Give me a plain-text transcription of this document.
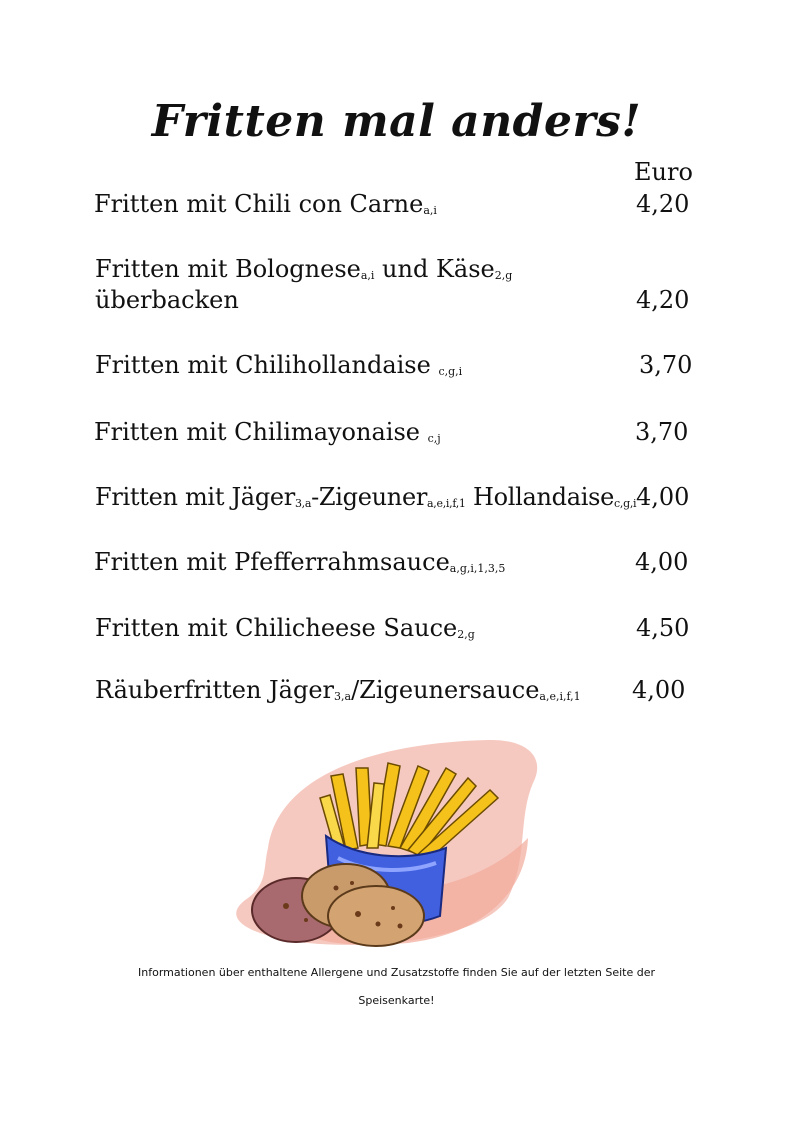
Fritten mal anders!
Euro
Fritten mit Chili con Carnea,i	4,20
Fritten mit Bolognesea,i und Käse2,g
überbacken	4,20
Fritten mit Chilihollandaise c,g,i	3,70
Fritten mit Chilimayonaise c,j	3,70
Fritten mit Jäger3,a-Zigeunera,e,i,f,1 Hollandaisec,g,i 4,00
Fritten mit Pfefferrahmsaucea,g,i,1,3,5	4,00
Fritten mit Chilicheese Sauce2,g	4,50
Räuberfritten Jäger3,a/Zigeunersaucea,e,i,f,1 4,00
Informationen über enthaltene Allergene und Zusatzstoffe finden Sie auf der letzten Seite der
Speisenkarte!
